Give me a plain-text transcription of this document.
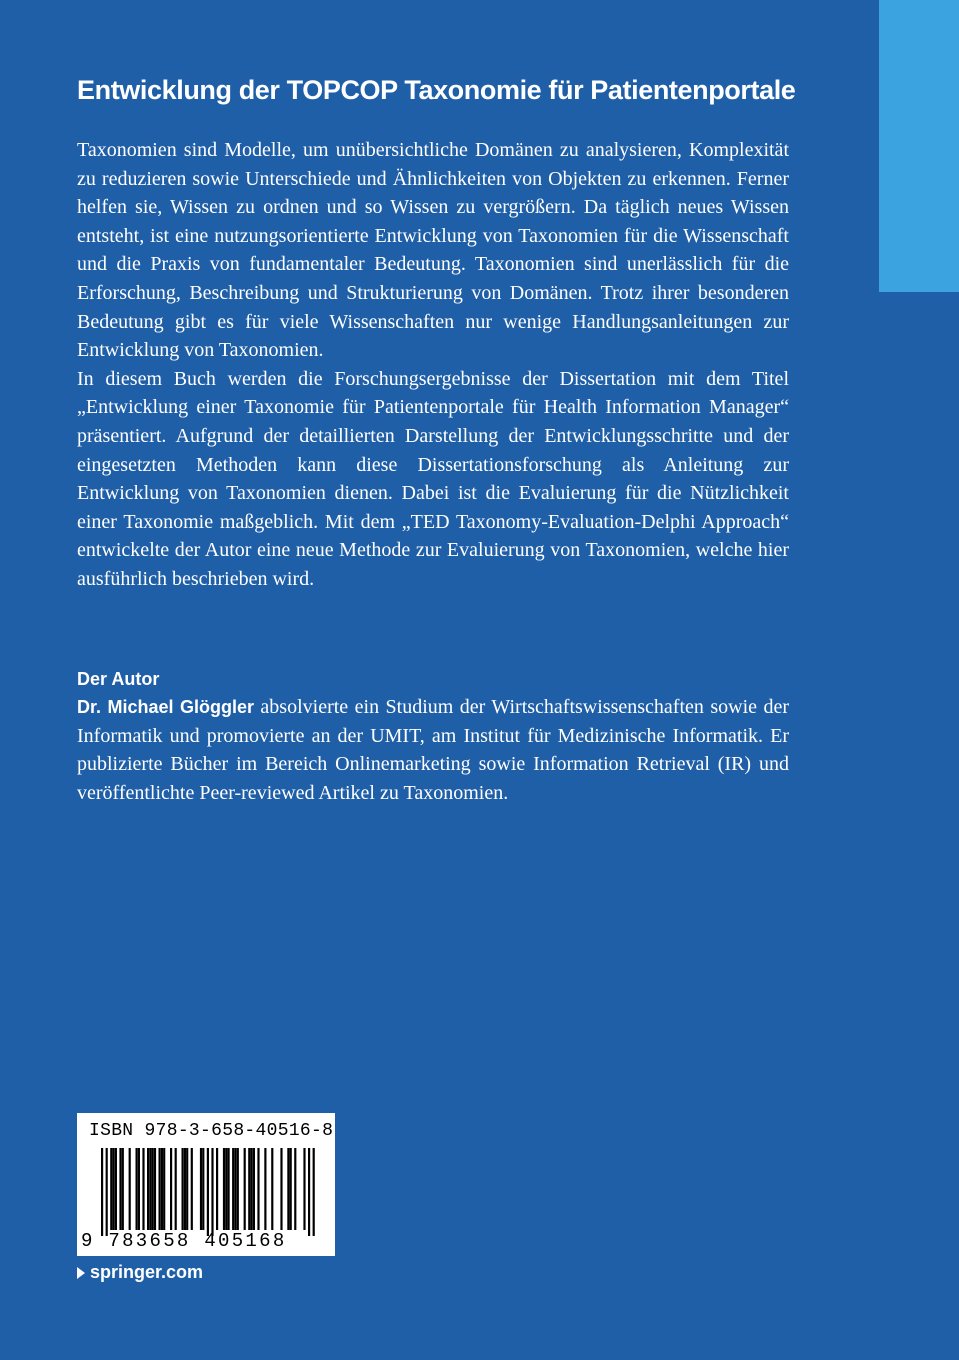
Entwicklung der TOPCOP Taxonomie für Patientenportale

Taxonomien sind Modelle, um unübersichtliche Domänen zu analysieren, Komplexität zu reduzieren sowie Unterschiede und Ähnlichkeiten von Objekten zu erkennen. Ferner helfen sie, Wissen zu ordnen und so Wissen zu vergrößern. Da täglich neues Wissen entsteht, ist eine nutzungsorientierte Entwicklung von Taxonomien für die Wissenschaft und die Praxis von fundamentaler Bedeutung. Taxonomien sind unerlässlich für die Erforschung, Beschreibung und Strukturierung von Domänen. Trotz ihrer besonderen Bedeutung gibt es für viele Wissenschaften nur wenige Handlungsanleitungen zur Entwicklung von Taxonomien.

In diesem Buch werden die Forschungsergebnisse der Dissertation mit dem Titel „Entwicklung einer Taxonomie für Patientenportale für Health Information Manager“ präsentiert. Aufgrund der detaillierten Darstellung der Entwicklungsschritte und der eingesetzten Methoden kann diese Dissertationsforschung als Anleitung zur Entwicklung von Taxonomien dienen. Dabei ist die Evaluierung für die Nützlichkeit einer Taxonomie maßgeblich. Mit dem „TED Taxonomy-Evaluation-Delphi Approach“ entwickelte der Autor eine neue Methode zur Evaluierung von Taxonomien, welche hier ausführlich beschrieben wird.

Der Autor

Dr. Michael Glöggler absolvierte ein Studium der Wirtschaftswissenschaften sowie der Informatik und promovierte an der UMIT, am Institut für Medizinische Informatik. Er publizierte Bücher im Bereich Onlinemarketing sowie Information Retrieval (IR) und veröffentlichte Peer-reviewed Artikel zu Taxonomien.

ISBN 978-3-658-40516-8
9 783658 405168
springer.com
